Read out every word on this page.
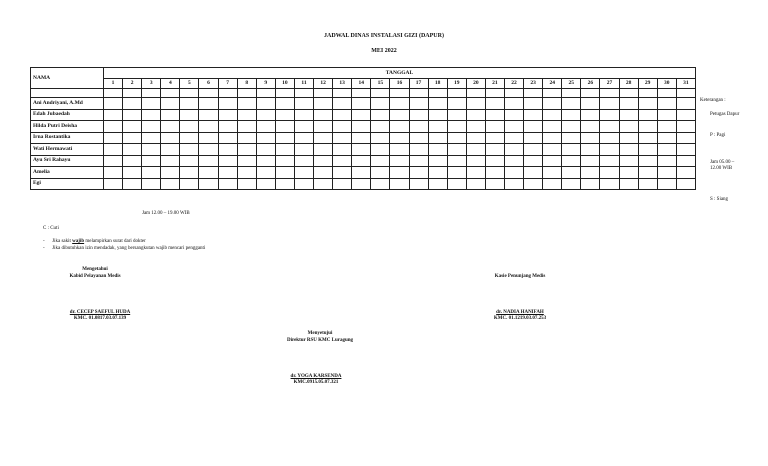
JADWAL DINAS INSTALASI GIZI (DAPUR)
MEI 2022
NAMA	TANGGAL																														
	1	2	3	4	5	6	7	8	9	10	11	12	13	14	15	16	17	18	19	20	21	22	23	24	25	26	27	28	29	30	31

Ani Andriyani, A.Md																															
Edah Jubaedah																															
Hilda Putri Deisha																															
Irna Rostantika																															
Wati Hermawati																															
Ayu Sri Rahayu																															
Amelia																															
Egi																															
Keterangan :
Petugas Dapur
P : Pagi
Jam 05.00 – 12.00 WIB
S : Siang
Jam 12.00 – 19.00 WIB
C : Cuti
- Jika sakit wajib melampirkan surat dari dokter
- Jika dibutuhkan izin mendadak, yang bersangkutan wajib mencari pengganti
Mengetahui
Kabid Pelayanan Medis
dr. CECEP SAEFUL HUDA
KMC. 01.0817.03.07.139
Kasie Penunjang Medis
dr. NADIA HANIFAH
KMC. 01.1219.03.07.253
Menyetujui
Direktur RSU KMC Luragung
dr. YOGA KARSENDA
KMC.0915.05.07.321
